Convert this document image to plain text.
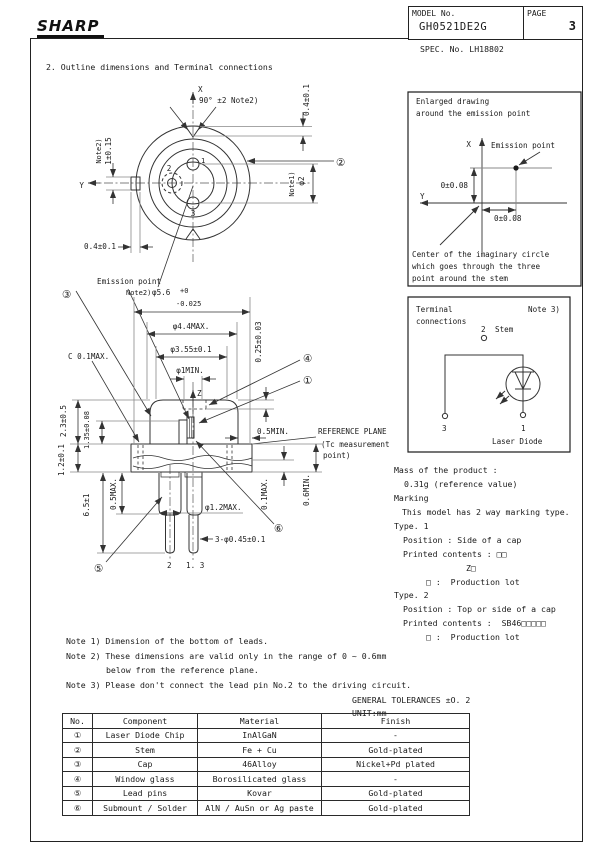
SHARP
MODEL No.
GH0521DE2G
PAGE
3
SPEC. No. LH18802
2. Outline dimensions and Terminal connections
X
Y
90° ±2 Note2)	0.4±0.1
Note2) 1±0.15
0.4±0.1
Note1) φ2
②
1
2
3
Emission point
③	Note2) φ5.6 +0
-0.025
φ4.4MAX.
φ3.55±0.1
φ1MIN.
C 0.1MAX.	0.25±0.03	④
①
Z
0.5MIN.	REFERENCE PLANE
(Tc measurement
point)
2.3±0.5 1.35±0.08
1.2±0.1
6.5±1 0.5MAX.	0.1MAX.	0.6MIN.
φ1.2MAX.
3-φ0.45±0.1
⑤
⑥
2 1. 3
Enlarged drawing
around the emission point
X
Y
Emission point
0±0.08
0±0.08
Center of the imaginary circle
which goes through the three
point around the stem
Terminal
connections
Note 3)
2 Stem
3	1
Laser Diode
Mass of the product :
0.31g (reference value)
Marking
This model has 2 way marking type.
Type. 1
Position : Side of a cap
Printed contents : □□
Z□
□ :  Production lot
Type. 2
Position : Top or side of a cap
Printed contents :  SB46□□□□□
□ :  Production lot
Note 1) Dimension of the bottom of leads.
Note 2) These dimensions are valid only in the range of 0 ~ 0.6mm
below from the reference plane.
Note 3) Please don't connect the lead pin No.2 to the driving circuit.
GENERAL TOLERANCES ±O. 2
UNIT:mm
No.	Component	Material	Finish
①	Laser Diode Chip	InAlGaN	-
②	Stem	Fe + Cu	Gold-plated
③	Cap	46Alloy	Nickel+Pd plated
④	Window glass	Borosilicated glass	-
⑤	Lead pins	Kovar	Gold-plated
⑥	Submount / Solder	AlN / AuSn or Ag paste	Gold-plated
